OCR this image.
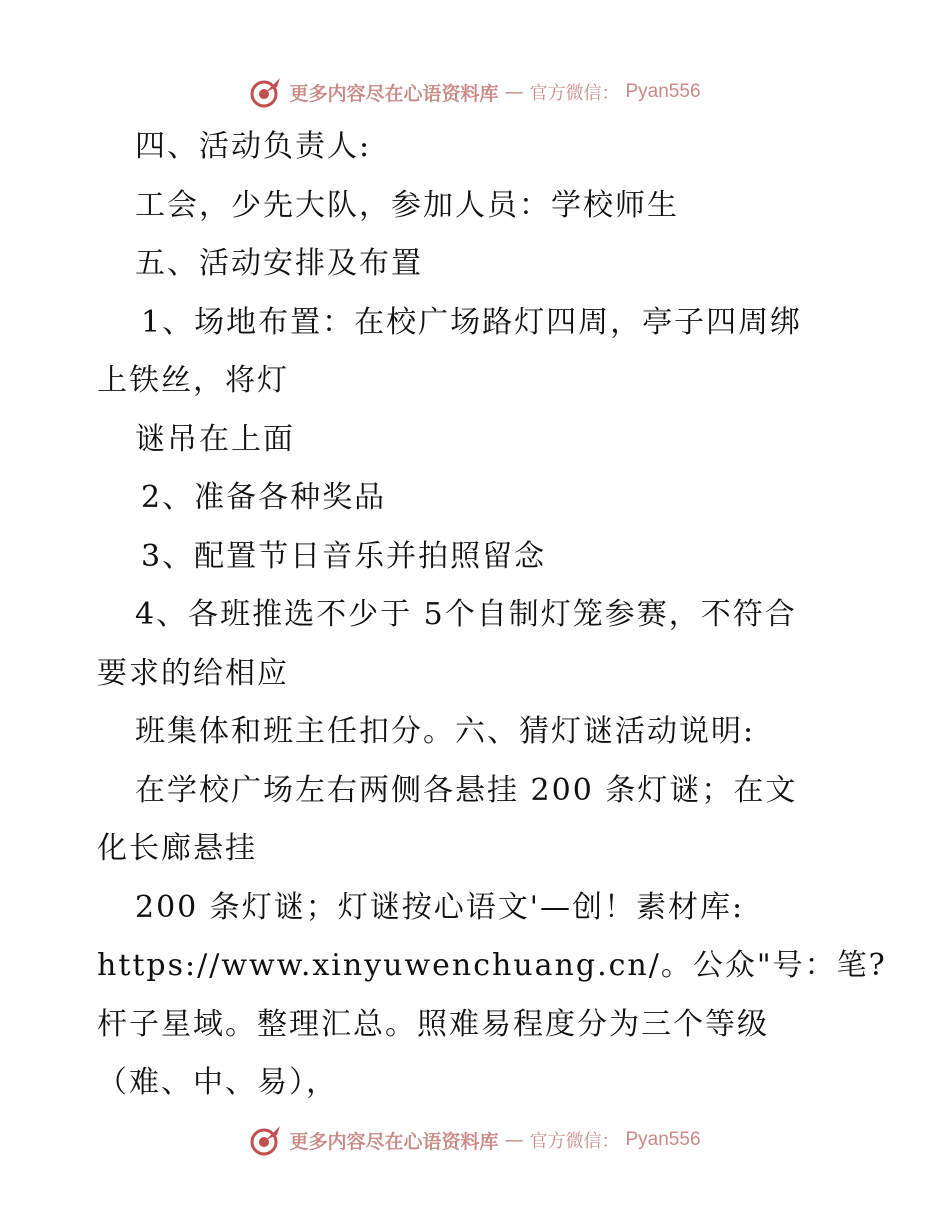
更多内容尽在心语资料库 — 官方微信： Pyan556
四、活动负责人:
工会，少先大队，参加人员：学校师生
五、活动安排及布置
1、场地布置：在校广场路灯四周，亭子四周绑
上铁丝，将灯
谜吊在上面
2、准备各种奖品
3、配置节日音乐并拍照留念
4、各班推选不少于 5个自制灯笼参赛，不符合
要求的给相应
班集体和班主任扣分。六、猜灯谜活动说明:
在学校广场左右两侧各悬挂 200 条灯谜；在文
化长廊悬挂
200 条灯谜；灯谜按心语文'—创！素材库:
https://www.xinyuwenchuang.cn/。公众"号：笔?
杆子星域。整理汇总。照难易程度分为三个等级
（难、中、易），
更多内容尽在心语资料库 — 官方微信： Pyan556
